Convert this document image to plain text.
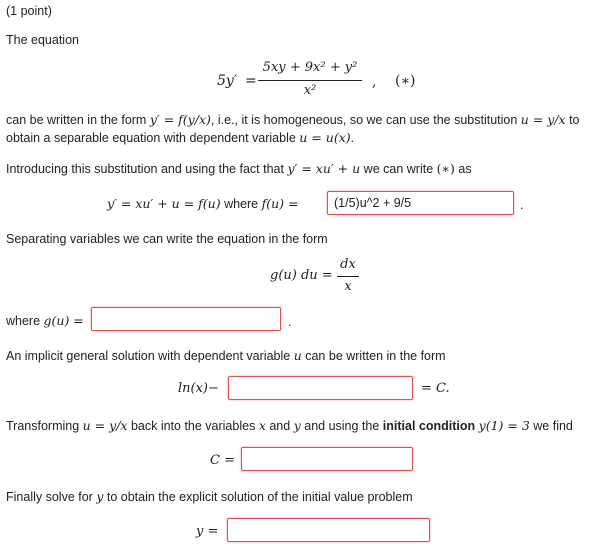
(1 point)
The equation
5y′ =
5xy + 9x² + y²
x²
, (∗)
can be written in the form y′ = f(y/x), i.e., it is homogeneous, so we can use the substitution u = y/x to
obtain a separable equation with dependent variable u = u(x).
Introducing this substitution and using the fact that y′ = xu′ + u we can write (∗) as
y′ = xu′ + u = f(u) where f(u) =
(1/5)u^2 + 9/5	.
Separating variables we can write the equation in the form
g(u) du =
dx
x
where g(u) =	.
An implicit general solution with dependent variable u can be written in the form
ln(x)−	= C.
Transforming u = y/x back into the variables x and y and using the initial condition y(1) = 3 we find
C =
Finally solve for y to obtain the explicit solution of the initial value problem
y =
